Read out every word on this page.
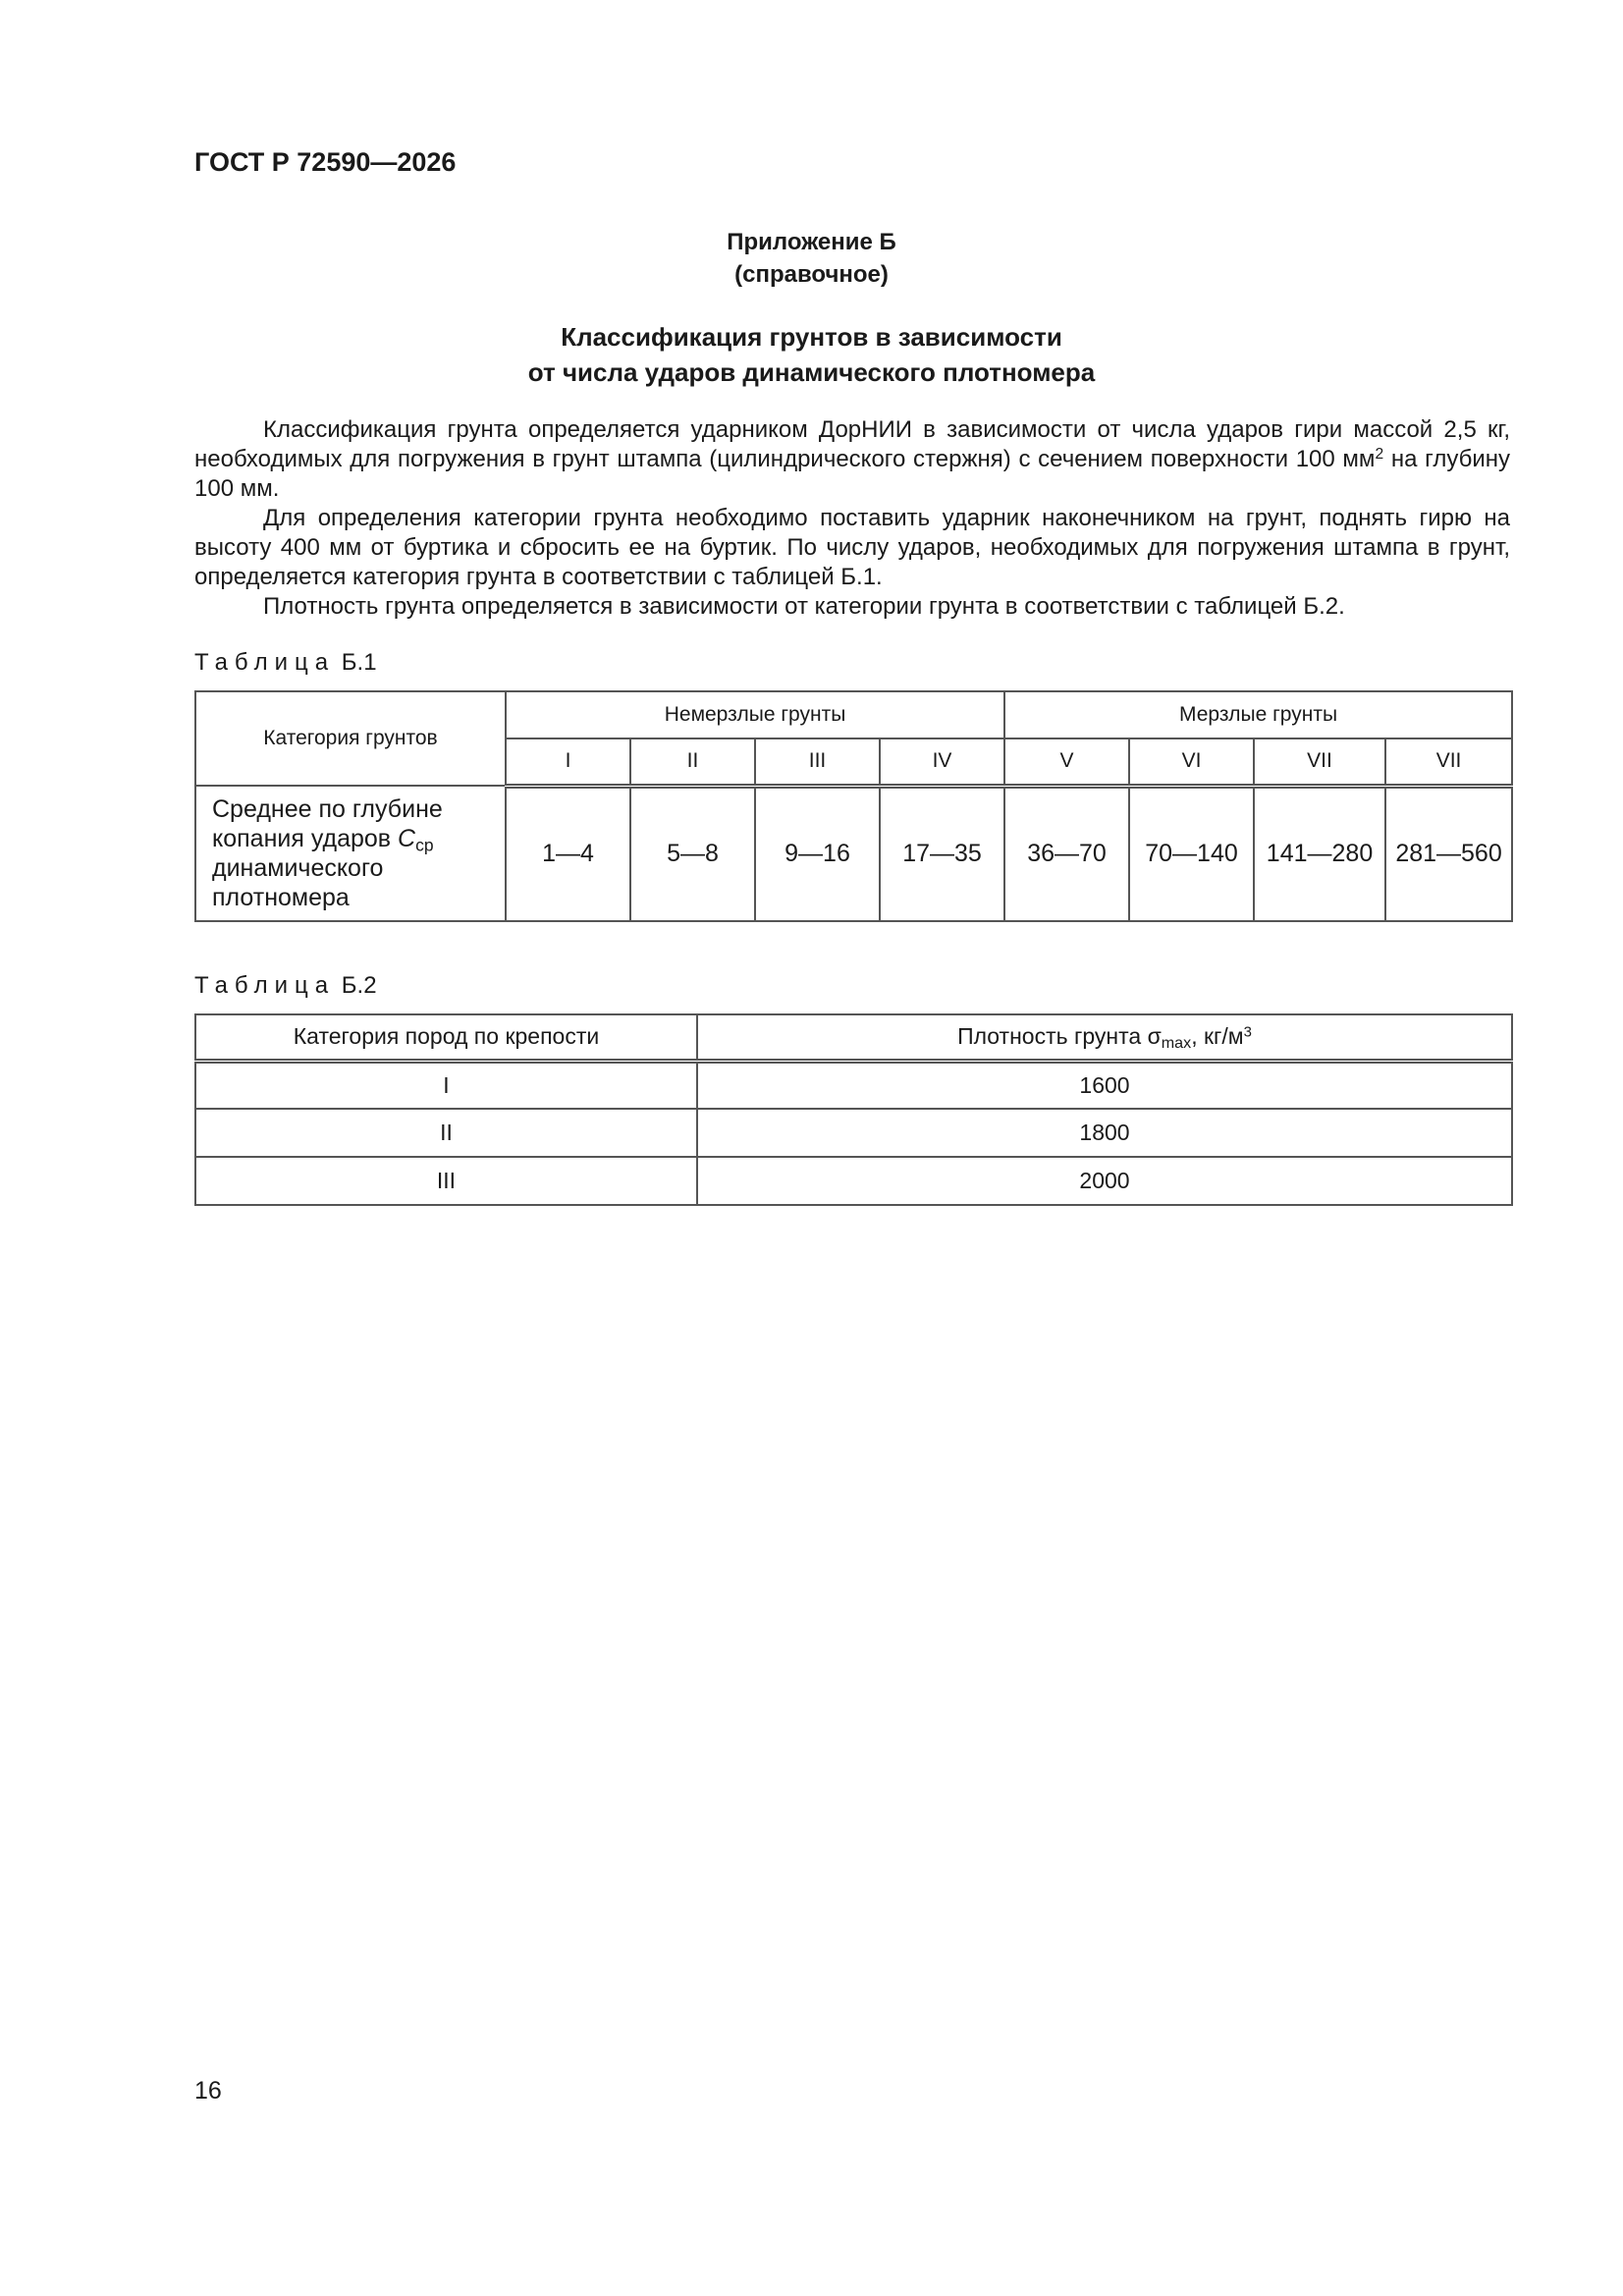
ГОСТ Р 72590—2026
Приложение Б
(справочное)
Классификация грунтов в зависимости
от числа ударов динамического плотномера

Классификация грунта определяется ударником ДорНИИ в зависимости от числа ударов гири массой 2,5 кг, необходимых для погружения в грунт штампа (цилиндрического стержня) с сечением поверхности 100 $мм^2$ на глубину 100 мм.

Для определения категории грунта необходимо поставить ударник наконечником на грунт, поднять гирю на высоту 400 мм от буртика и сбросить ее на буртик. По числу ударов, необходимых для погружения штампа в грунт, определяется категория грунта в соответствии с таблицей Б.1.

Плотность грунта определяется в зависимости от категории грунта в соответствии с таблицей Б.2.

Таблица Б.1
Категория грунтов	Немерзлые грунты				Мерзлые грунты			
	I	II	III	IV	V	VI	VII	VII
Среднее по глубине копания ударов $C_{ср}$ динамического плотномера	1—4	5—8	9—16	17—35	36—70	70—140	141—280	281—560
Таблица Б.2
Категория пород по крепости	Плотность грунта $\sigma_{max}$, $кг/м^3$
I	1600
II	1800
III	2000
16
